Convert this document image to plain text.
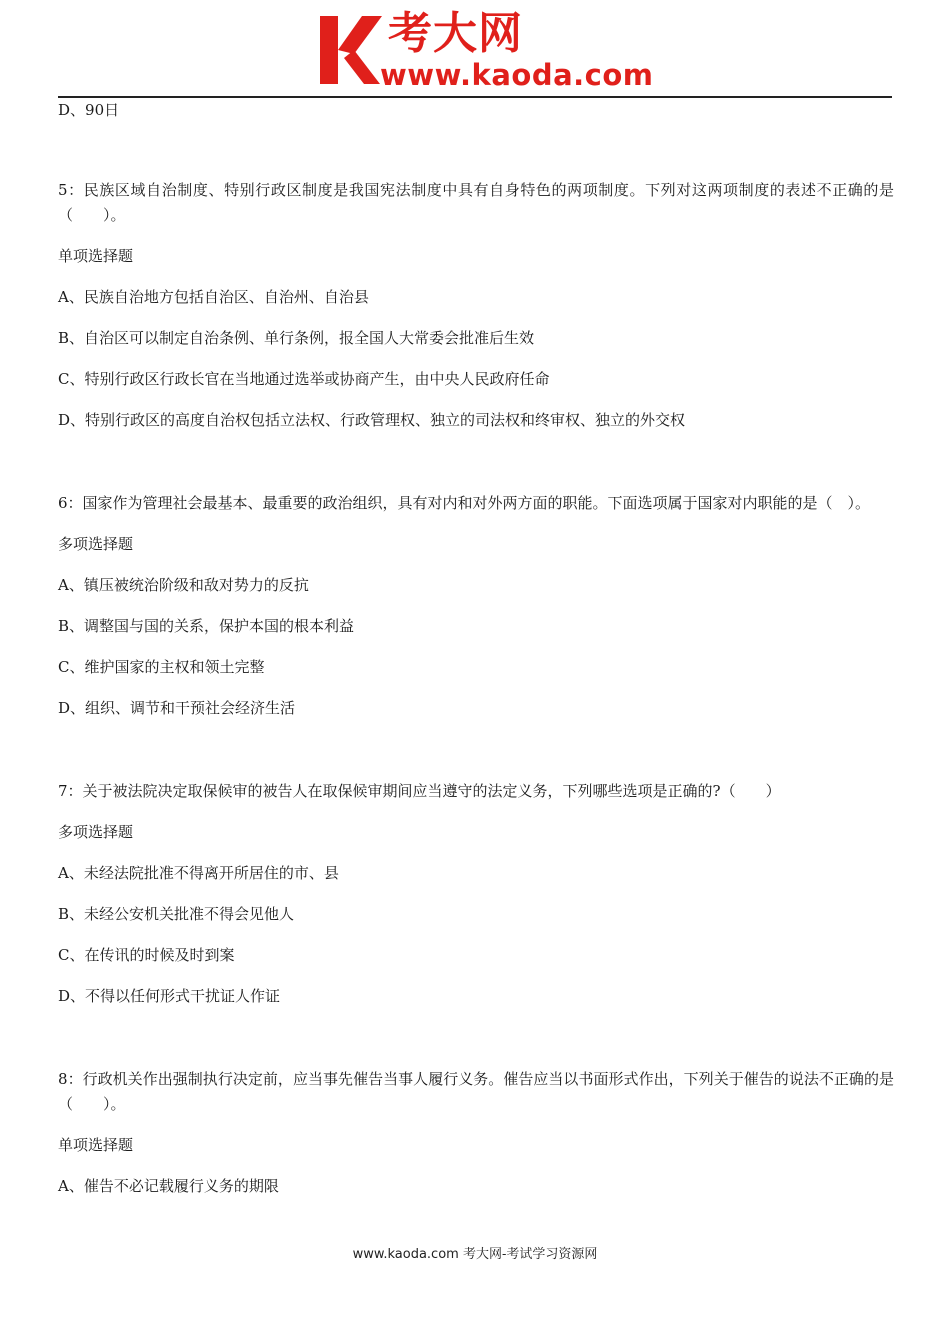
考大网
www.kaoda.com

D、90日

5：民族区域自治制度、特别行政区制度是我国宪法制度中具有自身特色的两项制度。下列对这两项制度的表述不正确的是（　　）。

单项选择题

A、民族自治地方包括自治区、自治州、自治县

B、自治区可以制定自治条例、单行条例，报全国人大常委会批准后生效

C、特别行政区行政长官在当地通过选举或协商产生，由中央人民政府任命

D、特别行政区的高度自治权包括立法权、行政管理权、独立的司法权和终审权、独立的外交权

6：国家作为管理社会最基本、最重要的政治组织，具有对内和对外两方面的职能。下面选项属于国家对内职能的是（　）。

多项选择题

A、镇压被统治阶级和敌对势力的反抗

B、调整国与国的关系，保护本国的根本利益

C、维护国家的主权和领土完整

D、组织、调节和干预社会经济生活

7：关于被法院决定取保候审的被告人在取保候审期间应当遵守的法定义务，下列哪些选项是正确的?（　　）

多项选择题

A、未经法院批准不得离开所居住的市、县

B、未经公安机关批准不得会见他人

C、在传讯的时候及时到案

D、不得以任何形式干扰证人作证

8：行政机关作出强制执行决定前，应当事先催告当事人履行义务。催告应当以书面形式作出，下列关于催告的说法不正确的是（　　）。

单项选择题

A、催告不必记载履行义务的期限

www.kaoda.com 考大网-考试学习资源网
